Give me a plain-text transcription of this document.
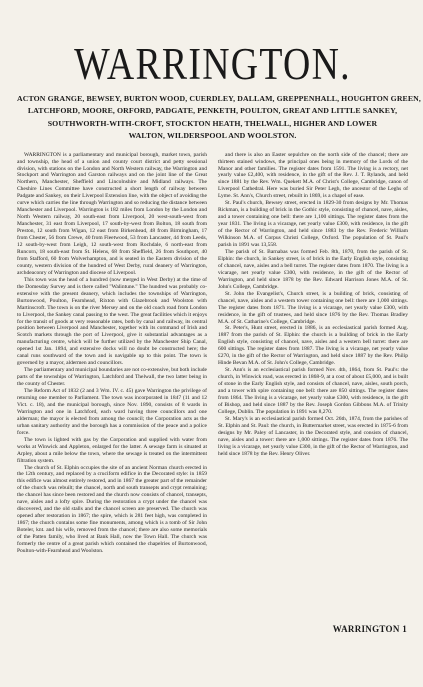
WARRINGTON.
ACTON GRANGE, BEWSEY, BURTON WOOD, CUERDLEY, DALLAM, GREPPENHALL, HOUGHTON GREEN,
LATCHFORD, MOORE, ORFORD, PADGATE, PENKETH, POULTON, GREAT AND LITTLE SANKEY,
SOUTHWORTH-WITH-CROFT, STOCKTON HEATH, THELWALL, HIGHER AND LOWER
WALTON, WILDERSPOOL AND WOOLSTON.

WARRINGTON is a parliamentary and municipal borough, market town, parish and township, the head of a union and county court district and petty sessional division, with stations on the London and North Western railway, the Warrington and Stockport and Warrington and Garston railways and on the joint line of the Great Northern, Manchester, Sheffield and Lincolnshire and Midland railways. The Cheshire Lines Committee have constructed a short length of railway between Padgate and Sankey, on their Liverpool Extension line, with the object of avoiding the curve which carries the line through Warrington and so reducing the distance between Manchester and Liverpool. Warrington is 182 miles from London by the London and North Western railway, 20 south-east from Liverpool, 20 west-south-west from Manchester, 31 east from Liverpool, 17 south-by-west from Bolton, 18 south from Preston, 12 south from Wigan, 12 east from Birkenhead, 48 from Birmingham, 17 from Chester, 56 from Crewe, 40 from Fleetwood, 53 from Lancaster, 44 from Leeds, 12 south-by-west from Leigh, 12 south-west from Rochdale, 6 north-east from Runcorn, 18 south-east from St. Helens, 68 from Sheffield, 26 from Southport, 40 from Stafford, 60 from Wolverhampton, and is seated in the Eastern division of the county, western division of the hundred of West Derby, rural deanery of Warrington, archdeaconry of Warrington and diocese of Liverpool.

This town was the head of a hundred (now merged in West Derby) at the time of the Domesday Survey and is there called "Walintune." The hundred was probably co-extensive with the present deanery, which includes the townships of Warrington, Burtonwood, Poulton, Fearnhead, Rixton with Glazebrook and Woolston with Martinscroft. The town is on the river Mersey and on the old coach road from London to Liverpool, the Sankey canal passing to the west. The great facilities which it enjoys for the transit of goods at very reasonable rates, both by canal and railway, its central position between Liverpool and Manchester, together with its command of Irish and Scotch markets through the port of Liverpool, give it substantial advantages as a manufacturing centre, which will be further utilized by the Manchester Ship Canal, opened 1st Jan. 1894, and extensive docks will no doubt be constructed here; the canal runs southward of the town and is navigable up to this point. The town is governed by a mayor, aldermen and councillors.

The parliamentary and municipal boundaries are not co-extensive, but both include parts of the townships of Warrington, Latchford and Thelwall, the two latter being in the county of Chester.

The Reform Act of 1832 (2 and 3 Wm. IV. c. 45) gave Warrington the privilege of returning one member to Parliament. The town was incorporated in 1847 (11 and 12 Vict. c. 18), and the municipal borough, since Nov. 1890, consists of 8 wards in Warrington and one in Latchford, each ward having three councillors and one alderman; the mayor is elected from among the council; the Corporation acts as the urban sanitary authority and the borough has a commission of the peace and a police force.

The town is lighted with gas by the Corporation and supplied with water from works at Winwick and Appleton, enlarged for the latter. A sewage farm is situated at Arpley, about a mile below the town, where the sewage is treated on the intermittent filtration system.

The church of St. Elphin occupies the site of an ancient Norman church erected in the 12th century, and replaced by a cruciform edifice in the Decorated style: in 1859 this edifice was almost entirely restored, and in 1867 the greater part of the remainder of the church was rebuilt; the chancel, north and south transepts and crypt remaining; the chancel has since been restored and the church now consists of chancel, transepts, nave, aisles and a lofty spire. During the restoration a crypt under the chancel was discovered, and the old stalls and the chancel screen are preserved. The church was opened after restoration in 1867; the spire, which is 281 feet high, was completed in 1867; the church contains some fine monuments, among which is a tomb of Sir John Boteler, knt. and his wife, removed from the chancel; there are also some memorials of the Patten family, who lived at Bank Hall, now the Town Hall. The church was formerly the centre of a great parish which contained the chapelries of Burtonwood, Poulton-with-Fearnhead and Woolston.

and there is also an Easter sepulchre on the north side of the chancel; there are thirteen stained windows, the principal ones being in memory of the Lords of the Manor and other families. The register dates from 1591. The living is a rectory, net yearly value £2,400, with residence, in the gift of the Rev. J. T. Rylands, and held since 1881 by the Rev. Wm. Quekett M.A. of Christ's College, Cambridge, canon of Liverpool Cathedral. Here was buried Sir Peter Legh, the ancestor of the Leghs of Lyme. St. Ann's, Church street, rebuilt in 1869, is a chapel of ease.

St. Paul's church, Bewsey street, erected in 1829-30 from designs by Mr. Thomas Rickman, is a building of brick in the Gothic style, consisting of chancel, nave, aisles, and a tower containing one bell: there are 1,100 sittings. The register dates from the year 1831. The living is a vicarage, net yearly value £300, with residence, in the gift of the Rector of Warrington, and held since 1883 by the Rev. Frederic William Wilkinson M.A. of Corpus Christi College, Oxford. The population of St. Paul's parish in 1891 was 13,558.

The parish of St. Barnabas was formed Feb. 8th, 1870, from the parish of St. Elphin: the church, in Sankey street, is of brick in the Early English style, consisting of chancel, nave, aisles and a bell turret. The register dates from 1870. The living is a vicarage, net yearly value £300, with residence, in the gift of the Rector of Warrington, and held since 1878 by the Rev. Edward Harrison Jones M.A. of St. John's College, Cambridge.

St. John the Evangelist's, Church street, is a building of brick, consisting of chancel, nave, aisles and a western tower containing one bell: there are 1,000 sittings. The register dates from 1871. The living is a vicarage, net yearly value £300, with residence, in the gift of trustees, and held since 1876 by the Rev. Thomas Bradley M.A. of St. Catharine's College, Cambridge.

St. Peter's, Hunt street, erected in 1886, is an ecclesiastical parish formed Aug. 1887 from the parish of St. Elphin: the church is a building of brick in the Early English style, consisting of chancel, nave, aisles and a western bell turret: there are 600 sittings. The register dates from 1887. The living is a vicarage, net yearly value £270, in the gift of the Rector of Warrington, and held since 1887 by the Rev. Philip Hinde Bevan M.A. of St. John's College, Cambridge.

St. Ann's is an ecclesiastical parish formed Nov. 4th, 1864, from St. Paul's: the church, in Winwick road, was erected in 1868-9, at a cost of about £5,000, and is built of stone in the Early English style, and consists of chancel, nave, aisles, south porch, and a tower with spire containing one bell: there are 850 sittings. The register dates from 1864. The living is a vicarage, net yearly value £300, with residence, in the gift of Bishop, and held since 1887 by the Rev. Joseph Gordon Gibbons M.A. of Trinity College, Dublin. The population in 1891 was 8,270.

St. Mary's is an ecclesiastical parish formed Oct. 26th, 1874, from the parishes of St. Elphin and St. Paul: the church, in Buttermarket street, was erected in 1875-6 from designs by Mr. Paley of Lancaster, in the Decorated style, and consists of chancel, nave, aisles and a tower: there are 1,000 sittings. The register dates from 1876. The living is a vicarage, net yearly value £300, in the gift of the Rector of Warrington, and held since 1878 by the Rev. Henry Oliver.

WARRINGTON 1
